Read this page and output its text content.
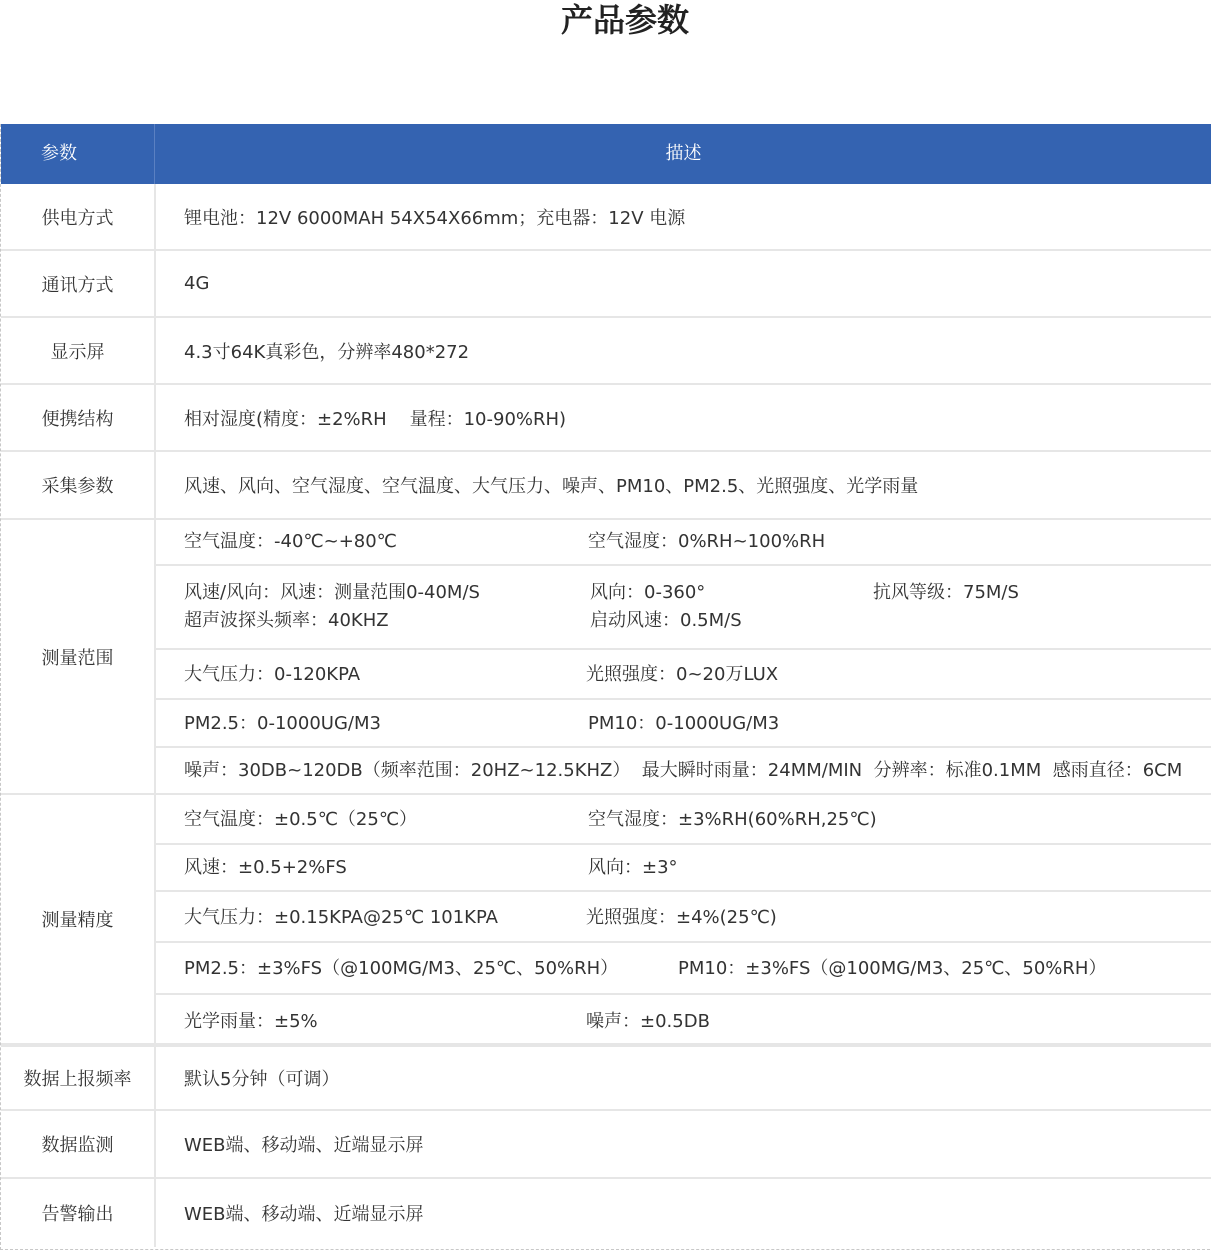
产品参数
参数	描述
供电方式	锂电池：12V 6000MAH 54X54X66mm；充电器：12V 电源
通讯方式	4G
显示屏	4.3寸64K真彩色，分辨率480*272
便携结构	相对湿度(精度：±2%RH    量程：10-90%RH)
采集参数	风速、风向、空气湿度、空气温度、大气压力、噪声、PM10、PM2.5、光照强度、光学雨量
测量范围
空气温度：-40℃~+80℃	空气湿度：0%RH~100%RH
风速/风向：风速：测量范围0-40M/S	风向：0-360°	抗风等级：75M/S
超声波探头频率：40KHZ	启动风速：0.5M/S
大气压力：0-120KPA	光照强度：0~20万LUX
PM2.5：0-1000UG/M3	PM10：0-1000UG/M3
噪声：30DB~120DB（频率范围：20HZ~12.5KHZ）  最大瞬时雨量：24MM/MIN  分辨率：标准0.1MM  感雨直径：6CM
测量精度
空气温度：±0.5℃（25℃）	空气湿度：±3%RH(60%RH,25℃)
风速：±0.5+2%FS	风向：±3°
大气压力：±0.15KPA@25℃ 101KPA	光照强度：±4%(25℃)
PM2.5：±3%FS（@100MG/M3、25℃、50%RH）	PM10：±3%FS（@100MG/M3、25℃、50%RH）
光学雨量：±5%	噪声：±0.5DB
数据上报频率	默认5分钟（可调）
数据监测	WEB端、移动端、近端显示屏
告警输出	WEB端、移动端、近端显示屏
